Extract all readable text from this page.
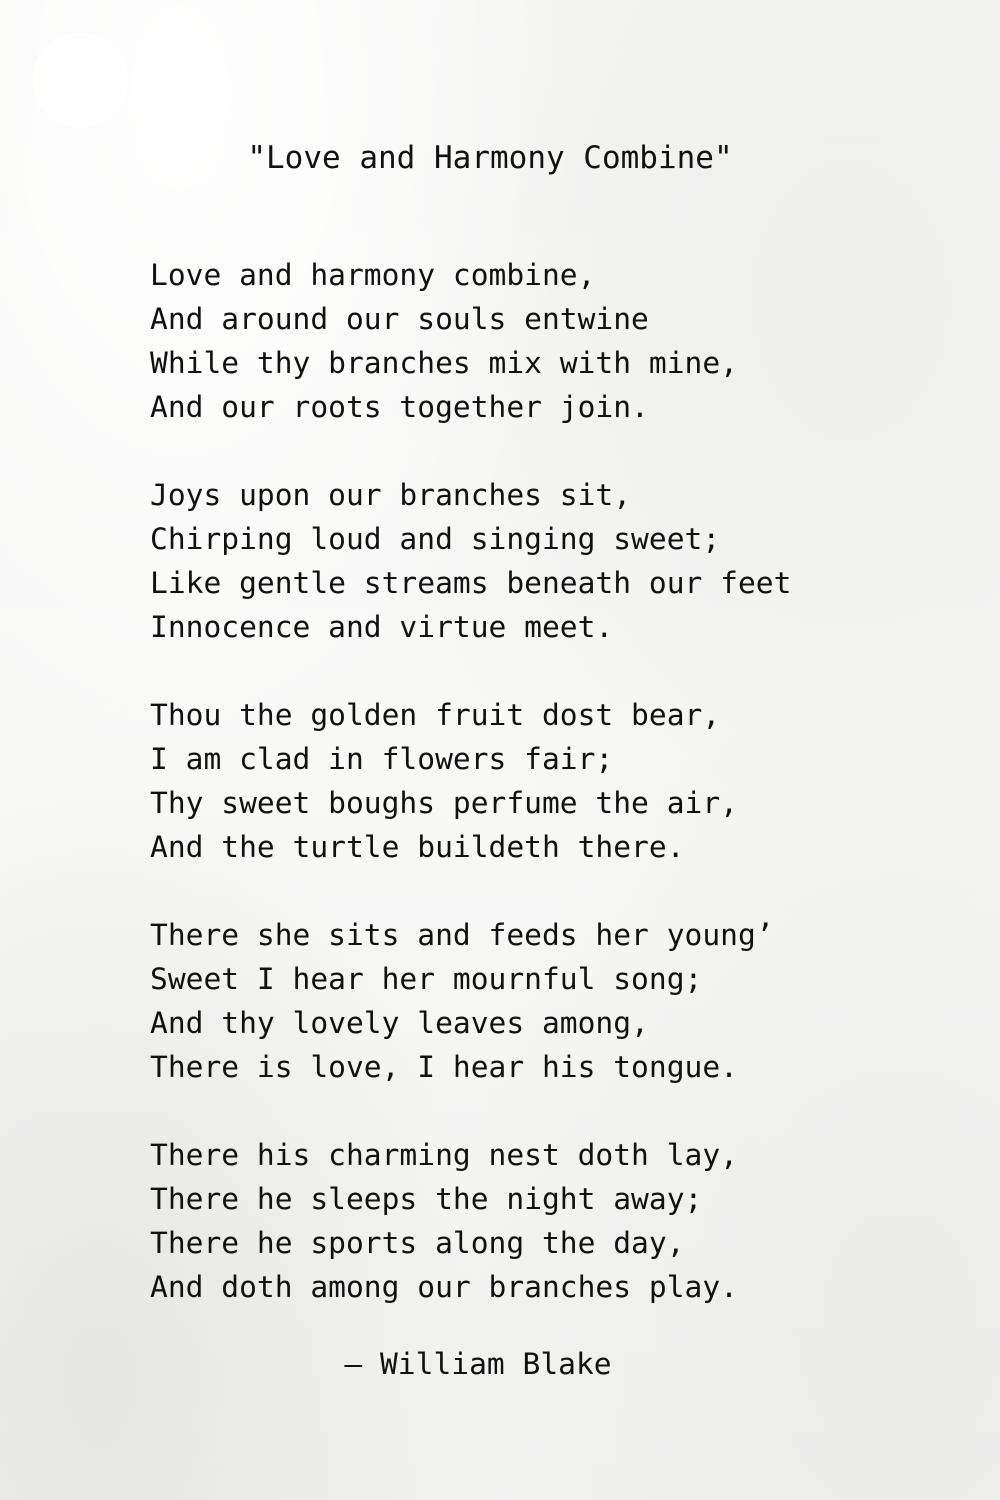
"Love and Harmony Combine"
Love and harmony combine,
And around our souls entwine
While thy branches mix with mine,
And our roots together join.
Joys upon our branches sit,
Chirping loud and singing sweet;
Like gentle streams beneath our feet
Innocence and virtue meet.
Thou the golden fruit dost bear,
I am clad in flowers fair;
Thy sweet boughs perfume the air,
And the turtle buildeth there.
There she sits and feeds her young’
Sweet I hear her mournful song;
And thy lovely leaves among,
There is love, I hear his tongue.
There his charming nest doth lay,
There he sleeps the night away;
There he sports along the day,
And doth among our branches play.
— William Blake
